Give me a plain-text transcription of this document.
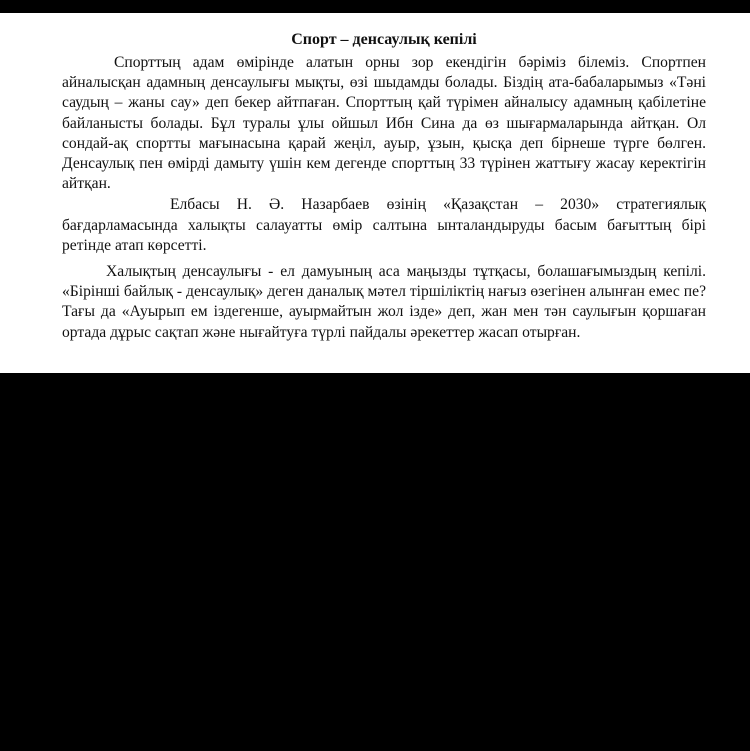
Спорт – денсаулық кепілі

Спорттың адам өмірінде алатын орны зор екендігін бәріміз білеміз. Спортпен айналысқан адамның денсаулығы мықты, өзі шыдамды болады. Біздің ата-бабаларымыз «Тәні саудың – жаны сау» деп бекер айтпаған. Спорттың қай түрімен айналысу адамның қабілетіне байланысты болады. Бұл туралы ұлы ойшыл Ибн Сина да өз шығармаларында айтқан. Ол сондай-ақ спортты мағынасына қарай жеңіл, ауыр, ұзын, қысқа деп бірнеше түрге бөлген. Денсаулық пен өмірді дамыту үшін кем дегенде спорттың 33 түрінен жаттығу жасау керектігін айтқан.

Елбасы Н. Ә. Назарбаев өзінің «Қазақстан – 2030» стратегиялық бағдарламасында халықты салауатты өмір салтына ынталандыруды басым бағыттың бірі ретінде атап көрсетті.

Халықтың денсаулығы - ел дамуының аса маңызды тұтқасы, болашағымыздың кепілі. «Бірінші байлық - денсаулық» деген даналық мәтел тіршіліктің нағыз өзегінен алынған емес пе? Тағы да «Ауырып ем іздегенше, ауырмайтын жол ізде» деп, жан мен тән саулығын қоршаған ортада дұрыс сақтап және нығайтуға түрлі пайдалы әрекеттер жасап отырған.
